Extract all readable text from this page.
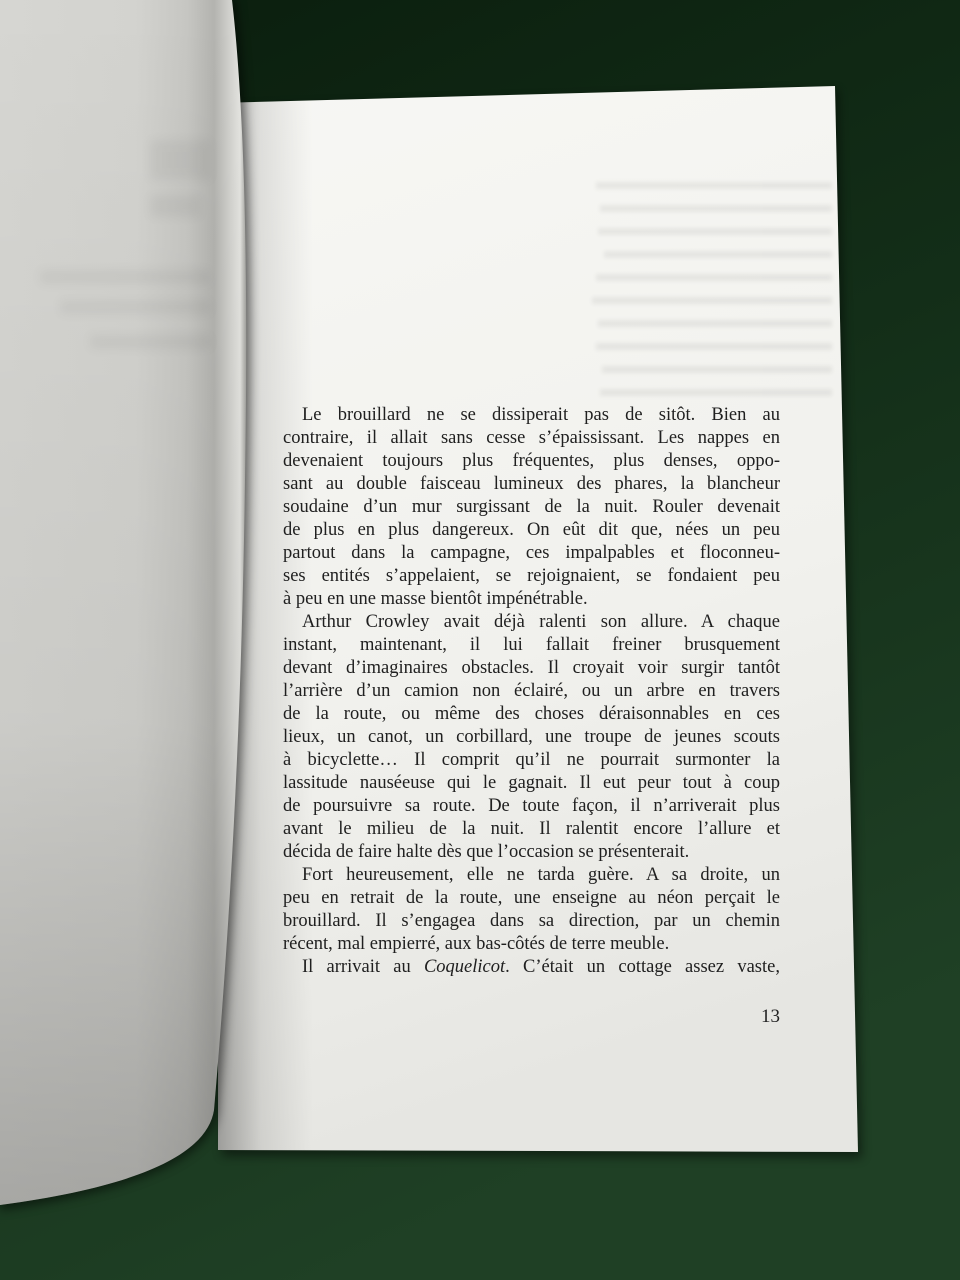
Le brouillard ne se dissiperait pas de sitôt. Bien au
contraire, il allait sans cesse s’épaississant. Les nappes en
devenaient toujours plus fréquentes, plus denses, oppo-
sant au double faisceau lumineux des phares, la blancheur
soudaine d’un mur surgissant de la nuit. Rouler devenait
de plus en plus dangereux. On eût dit que, nées un peu
partout dans la campagne, ces impalpables et floconneu-
ses entités s’appelaient, se rejoignaient, se fondaient peu
à peu en une masse bientôt impénétrable.
Arthur Crowley avait déjà ralenti son allure. A chaque
instant, maintenant, il lui fallait freiner brusquement
devant d’imaginaires obstacles. Il croyait voir surgir tantôt
l’arrière d’un camion non éclairé, ou un arbre en travers
de la route, ou même des choses déraisonnables en ces
lieux, un canot, un corbillard, une troupe de jeunes scouts
à bicyclette… Il comprit qu’il ne pourrait surmonter la
lassitude nauséeuse qui le gagnait. Il eut peur tout à coup
de poursuivre sa route. De toute façon, il n’arriverait plus
avant le milieu de la nuit. Il ralentit encore l’allure et
décida de faire halte dès que l’occasion se présenterait.
Fort heureusement, elle ne tarda guère. A sa droite, un
peu en retrait de la route, une enseigne au néon perçait le
brouillard. Il s’engagea dans sa direction, par un chemin
récent, mal empierré, aux bas-côtés de terre meuble.
Il arrivait au Coquelicot. C’était un cottage assez vaste,
13
